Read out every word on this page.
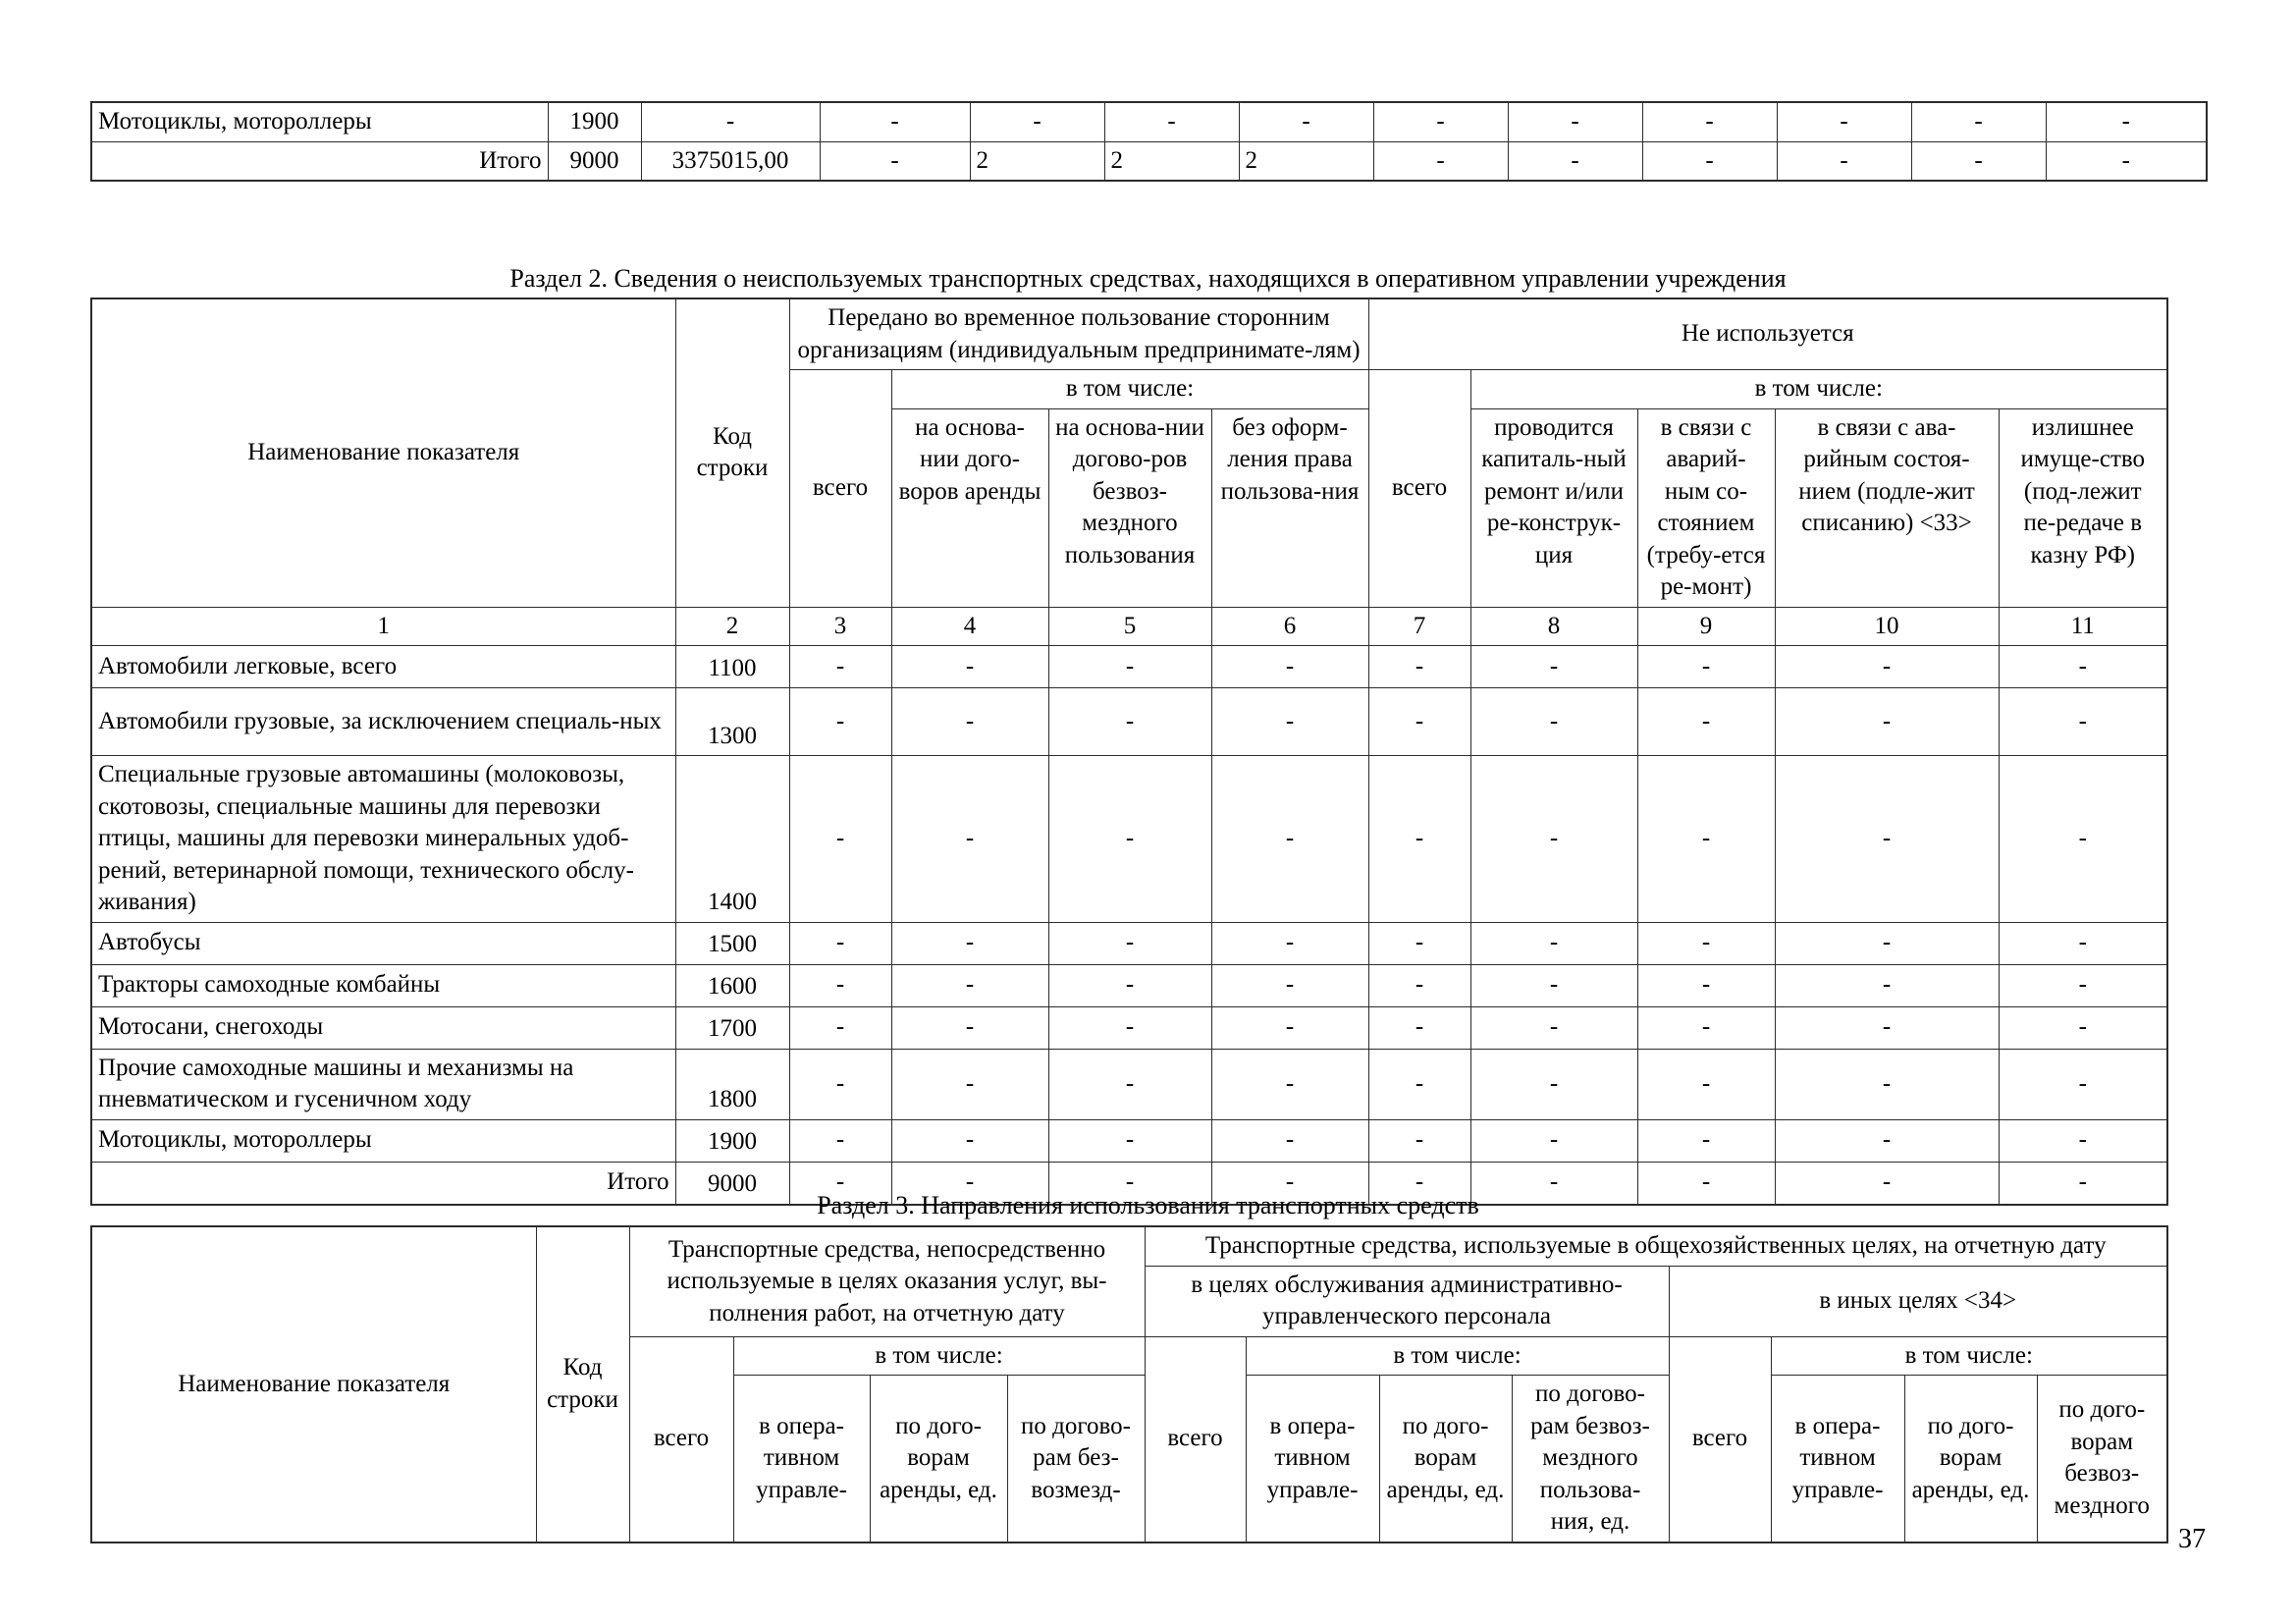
Мотоциклы, мотороллеры	1900	-	-	-	-	-	-	-	-	-	-	-
Итого	9000	3375015,00	-	2	2	2	-	-	-	-	-	-
Раздел 2. Сведения о неиспользуемых транспортных средствах, находящихся в оперативном управлении учреждения
Наименование показателя	Код строки	Передано во временное пользование сторонним организациям (индивидуальным предпринимате-лям)				Не используется				
		всего	в том числе:			всего	в том числе:			
			на основа-нии дого-воров аренды	на основа-нии догово-ров безвоз-мездного пользования	без оформ-ления права пользова-ния		проводится капиталь-ный ремонт и/или ре-конструк-ция	в связи с аварий-ным со-стоянием (требу-ется ре-монт)	в связи с ава-рийным состоя-нием (подле-жит списанию) <33>	излишнее имуще-ство (под-лежит пе-редаче в казну РФ)
1	2	3	4	5	6	7	8	9	10	11
Автомобили легковые, всего	1100	-	-	-	-	-	-	-	-	-
Автомобили грузовые, за исключением специаль-ных	1300	-	-	-	-	-	-	-	-	-
Специальные грузовые автомашины (молоковозы, скотовозы, специальные машины для перевозки птицы, машины для перевозки минеральных удоб-рений, ветеринарной помощи, технического обслу-живания)	1400	-	-	-	-	-	-	-	-	-
Автобусы	1500	-	-	-	-	-	-	-	-	-
Тракторы самоходные комбайны	1600	-	-	-	-	-	-	-	-	-
Мотосани, снегоходы	1700	-	-	-	-	-	-	-	-	-
Прочие самоходные машины и механизмы на пневматическом и гусеничном ходу	1800	-	-	-	-	-	-	-	-	-
Мотоциклы, мотороллеры	1900	-	-	-	-	-	-	-	-	-
Итого	9000	-	-	-	-	-	-	-	-	-
Раздел 3. Направления использования транспортных средств
Наименование показателя	Код строки	Транспортные средства, непосредственно используемые в целях оказания услуг, вы-полнения работ, на отчетную дату				Транспортные средства, используемые в общехозяйственных целях, на отчетную дату							
						в целях обслуживания административно-управленческого персонала				в иных целях <34>			
		всего	в том числе:			всего	в том числе:			всего	в том числе:		
			в опера-тивном управле-	по дого-ворам аренды, ед.	по догово-рам без-возмезд-		в опера-тивном управле-	по дого-ворам аренды, ед.	по догово-рам безвоз-мездного пользова-ния, ед.		в опера-тивном управле-	по дого-ворам аренды, ед.	по дого-ворам безвоз-мездного
37
